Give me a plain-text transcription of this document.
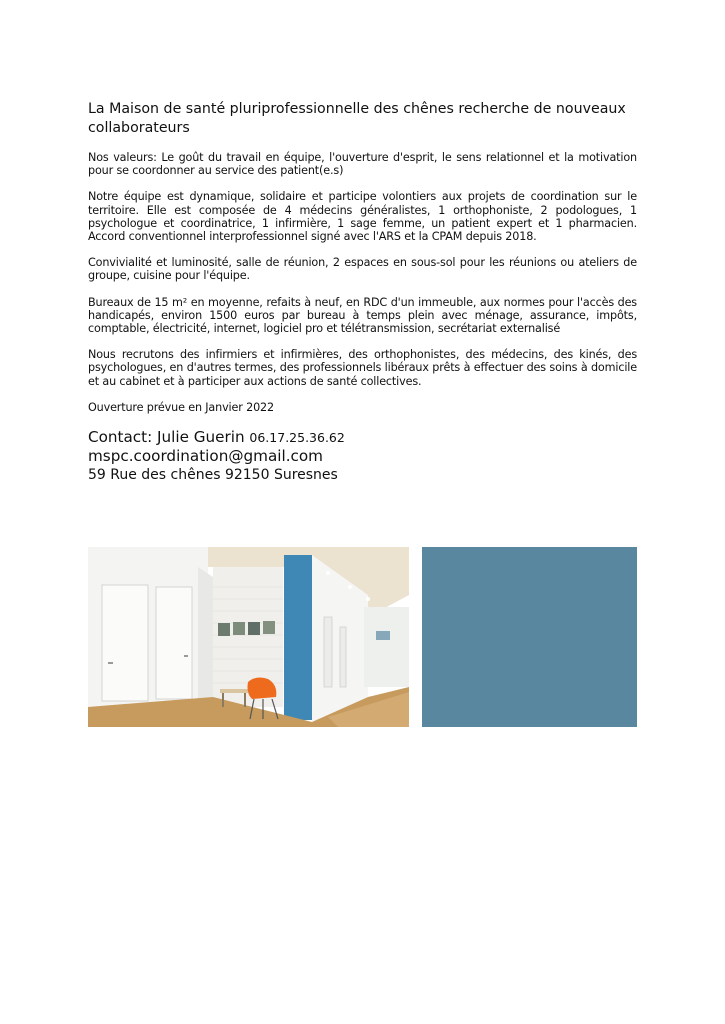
La Maison de santé pluriprofessionnelle des chênes recherche de nouveaux collaborateurs

Nos valeurs: Le goût du travail en équipe, l'ouverture d'esprit, le sens relationnel et la motivation pour se coordonner au service des patient(e.s)

Notre équipe est dynamique, solidaire et participe volontiers aux projets de coordination sur le territoire. Elle est composée de 4 médecins généralistes, 1 orthophoniste, 2 podologues, 1 psychologue et coordinatrice, 1 infirmière, 1 sage femme, un patient expert et 1 pharmacien. Accord conventionnel interprofessionnel signé avec l'ARS et la CPAM depuis 2018.

Convivialité et luminosité, salle de réunion, 2 espaces en sous-sol pour les réunions ou ateliers de groupe, cuisine pour l'équipe.

Bureaux de 15 m² en moyenne, refaits à neuf, en RDC d'un immeuble, aux normes pour l'accès des handicapés, environ 1500 euros par bureau à temps plein avec ménage, assurance, impôts, comptable, électricité, internet, logiciel pro et télétransmission, secrétariat externalisé

Nous recrutons des infirmiers et infirmières, des orthophonistes, des médecins, des kinés, des psychologues, en d'autres termes, des professionnels libéraux prêts à effectuer des soins à domicile et au cabinet et à participer aux actions de santé collectives.

Ouverture prévue en Janvier 2022

Contact: Julie Guerin 06.17.25.36.62
mspc.coordination@gmail.com
59 Rue des chênes 92150 Suresnes
